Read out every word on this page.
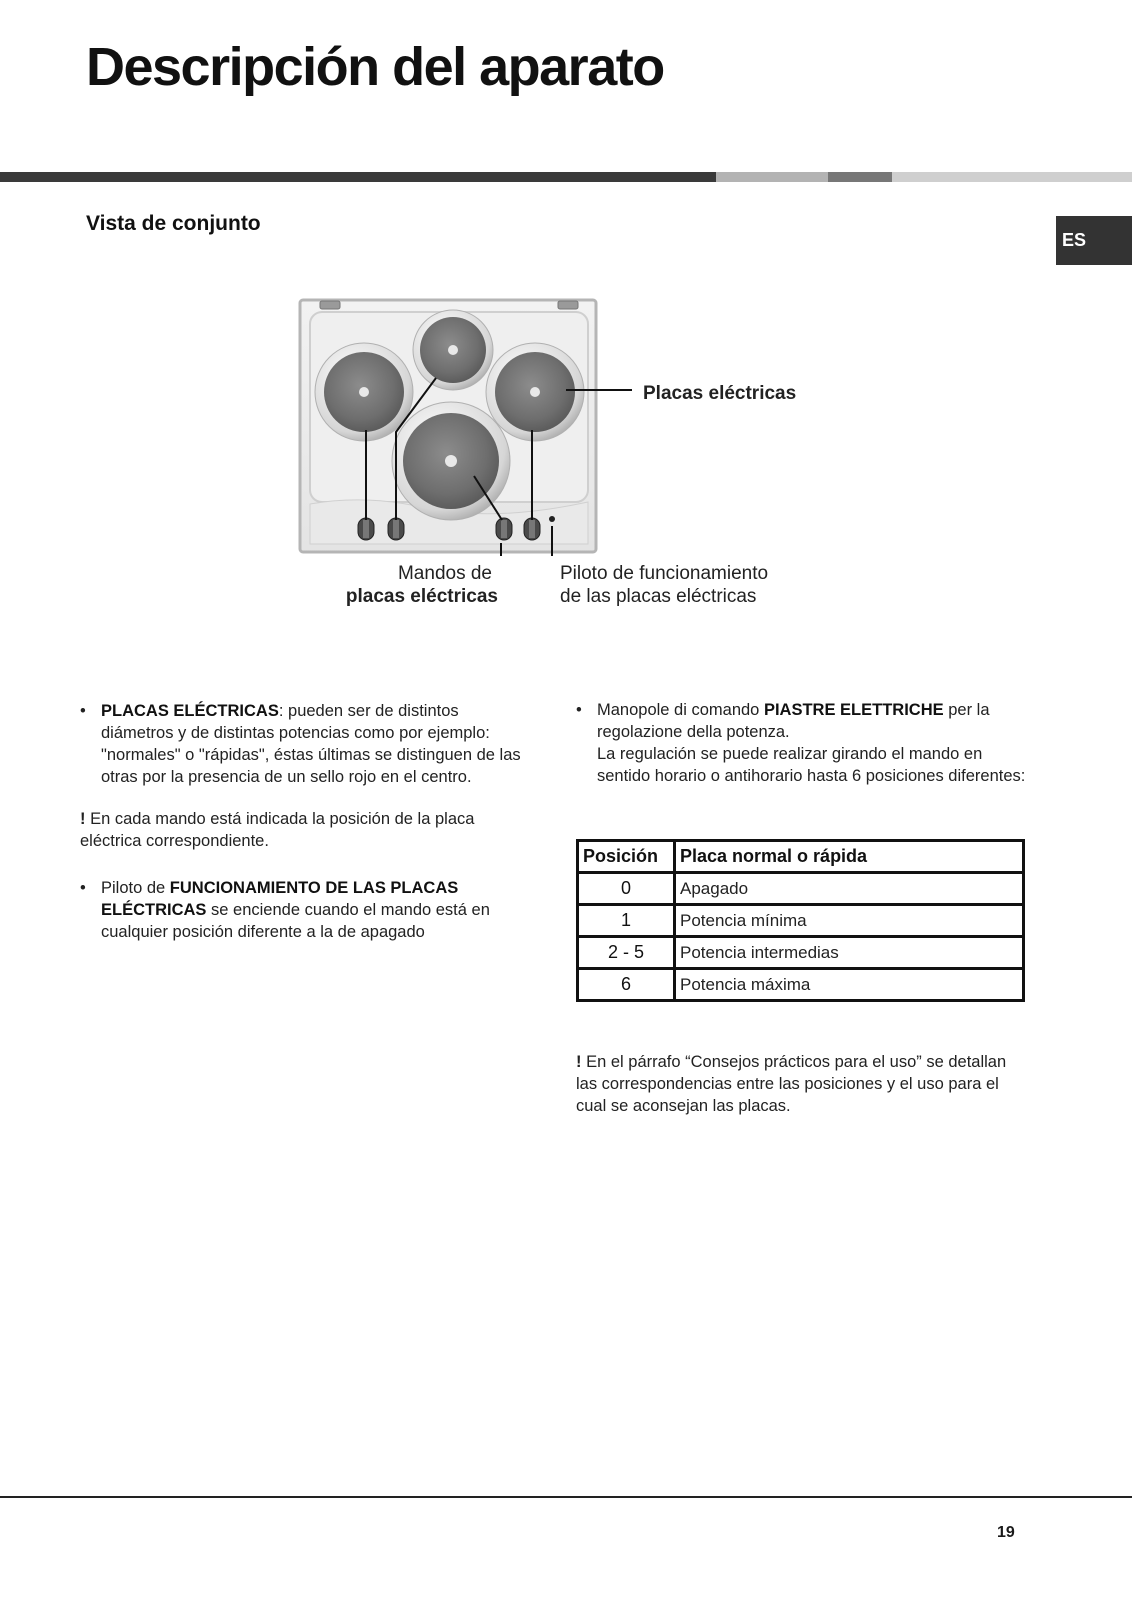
Descripción del aparato
ES
Vista de conjunto
Placas eléctricas
Mandos de
placas eléctricas
Piloto de funcionamiento
de las placas eléctricas
• PLACAS ELÉCTRICAS: pueden ser de distintos diámetros y de distintas potencias como por ejemplo: "normales" o "rápidas", éstas últimas se distinguen de las otras por la presencia de un sello rojo en el centro.
! En cada mando está indicada la posición de la placa eléctrica correspondiente.
• Piloto de FUNCIONAMIENTO DE LAS PLACAS ELÉCTRICAS se enciende cuando el mando está en cualquier posición diferente a la de apagado
• Manopole di comando PIASTRE ELETTRICHE per la regolazione della potenza.
La regulación se puede realizar girando el mando en sentido horario o antihorario hasta 6 posiciones diferentes:
Posición	Placa normal o rápida
0	Apagado
1	Potencia mínima
2 - 5	Potencia intermedias
6	Potencia máxima
! En el párrafo “Consejos prácticos para el uso” se detallan las correspondencias entre las posiciones y el uso para el cual se aconsejan las placas.
19
